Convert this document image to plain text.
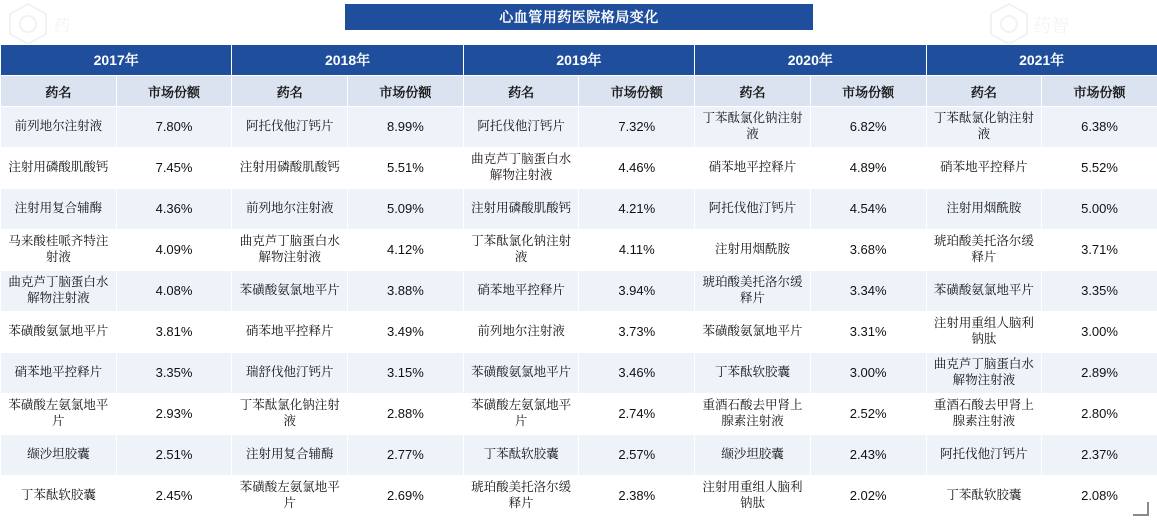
药	药智
心血管用药医院格局变化
2017年		2018年		2019年		2020年		2021年	
药名	市场份额	药名	市场份额	药名	市场份额	药名	市场份额	药名	市场份额
前列地尔注射液	7.80%	阿托伐他汀钙片	8.99%	阿托伐他汀钙片	7.32%	丁苯酞氯化钠注射液	6.82%	丁苯酞氯化钠注射液	6.38%
注射用磷酸肌酸钙	7.45%	注射用磷酸肌酸钙	5.51%	曲克芦丁脑蛋白水解物注射液	4.46%	硝苯地平控释片	4.89%	硝苯地平控释片	5.52%
注射用复合辅酶	4.36%	前列地尔注射液	5.09%	注射用磷酸肌酸钙	4.21%	阿托伐他汀钙片	4.54%	注射用烟酰胺	5.00%
马来酸桂哌齐特注射液	4.09%	曲克芦丁脑蛋白水解物注射液	4.12%	丁苯酞氯化钠注射液	4.11%	注射用烟酰胺	3.68%	琥珀酸美托洛尔缓释片	3.71%
曲克芦丁脑蛋白水解物注射液	4.08%	苯磺酸氨氯地平片	3.88%	硝苯地平控释片	3.94%	琥珀酸美托洛尔缓释片	3.34%	苯磺酸氨氯地平片	3.35%
苯磺酸氨氯地平片	3.81%	硝苯地平控释片	3.49%	前列地尔注射液	3.73%	苯磺酸氨氯地平片	3.31%	注射用重组人脑利钠肽	3.00%
硝苯地平控释片	3.35%	瑞舒伐他汀钙片	3.15%	苯磺酸氨氯地平片	3.46%	丁苯酞软胶囊	3.00%	曲克芦丁脑蛋白水解物注射液	2.89%
苯磺酸左氨氯地平片	2.93%	丁苯酞氯化钠注射液	2.88%	苯磺酸左氨氯地平片	2.74%	重酒石酸去甲肾上腺素注射液	2.52%	重酒石酸去甲肾上腺素注射液	2.80%
缬沙坦胶囊	2.51%	注射用复合辅酶	2.77%	丁苯酞软胶囊	2.57%	缬沙坦胶囊	2.43%	阿托伐他汀钙片	2.37%
丁苯酞软胶囊	2.45%	苯磺酸左氨氯地平片	2.69%	琥珀酸美托洛尔缓释片	2.38%	注射用重组人脑利钠肽	2.02%	丁苯酞软胶囊	2.08%
